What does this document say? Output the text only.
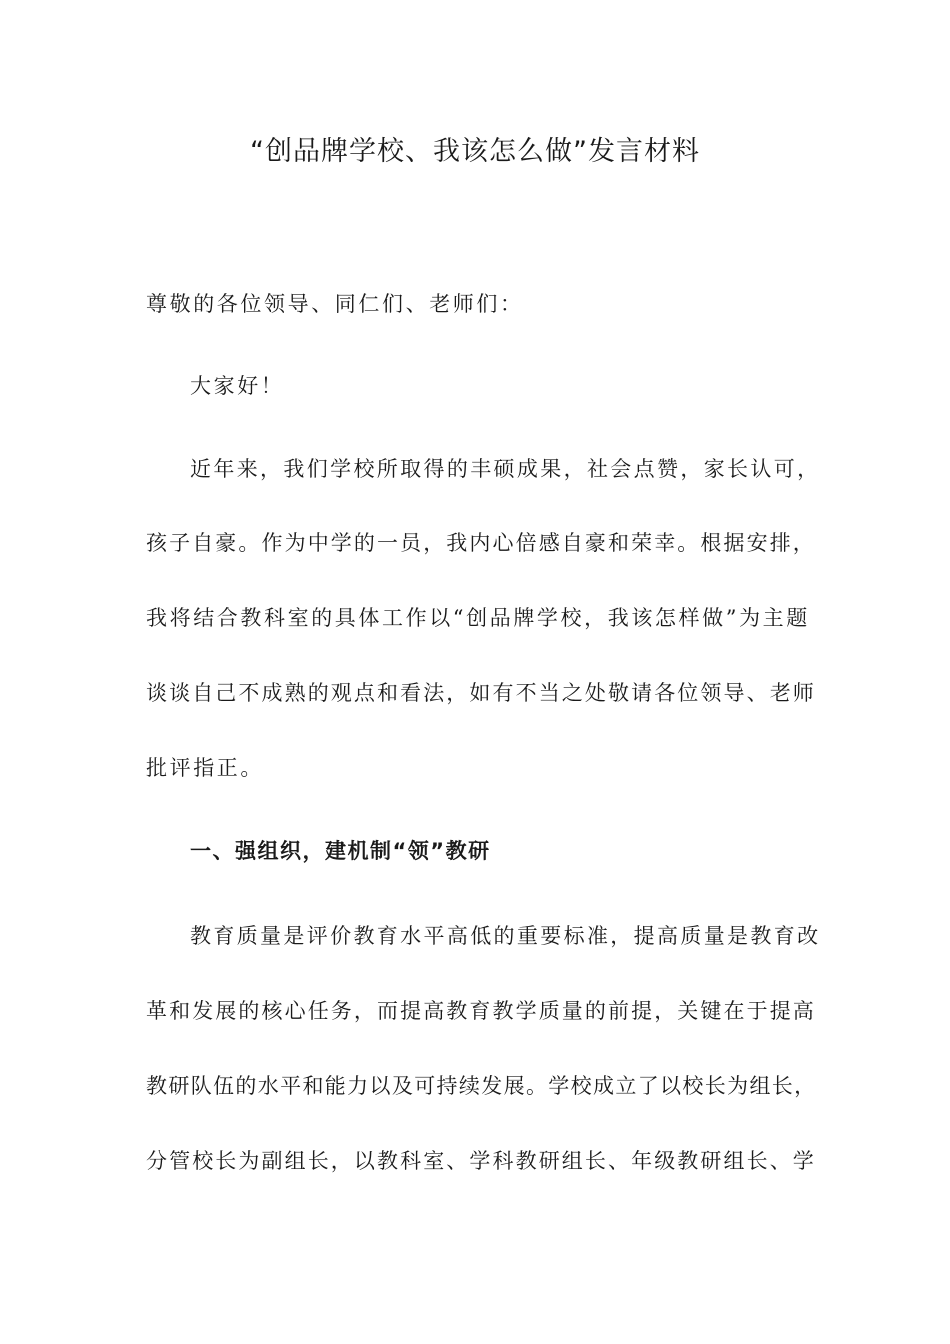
“创品牌学校、我该怎么做”发言材料

尊敬的各位领导、同仁们、老师们：

大家好！

近年来，我们学校所取得的丰硕成果，社会点赞，家长认可，

孩子自豪。作为中学的一员，我内心倍感自豪和荣幸。根据安排，

我将结合教科室的具体工作以“创品牌学校，我该怎样做”为主题

谈谈自己不成熟的观点和看法，如有不当之处敬请各位领导、老师

批评指正。

一、强组织，建机制“领”教研

教育质量是评价教育水平高低的重要标准，提高质量是教育改

革和发展的核心任务，而提高教育教学质量的前提，关键在于提高

教研队伍的水平和能力以及可持续发展。学校成立了以校长为组长，

分管校长为副组长，以教科室、学科教研组长、年级教研组长、学
